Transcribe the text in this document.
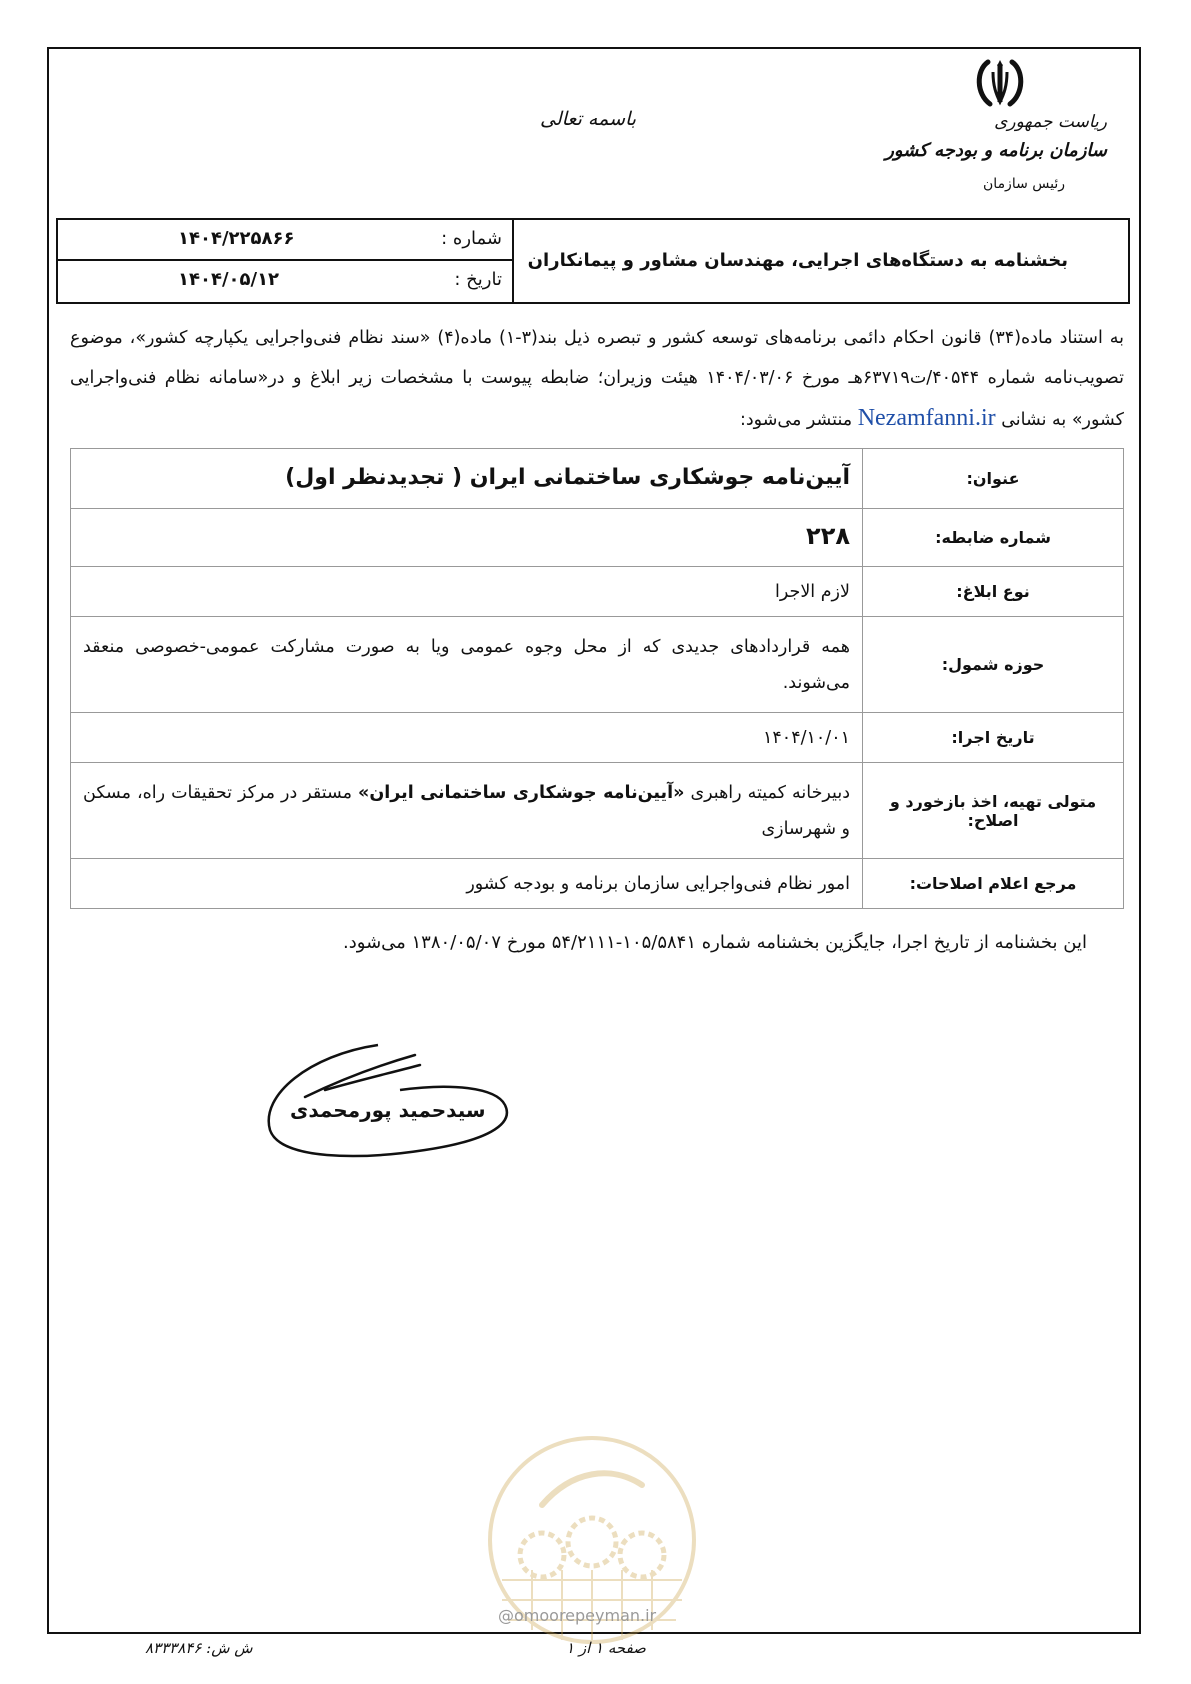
ریاست جمهوری
سازمان برنامه و بودجه کشور
رئیس سازمان
باسمه تعالی
شماره :
۱۴۰۴/۲۲۵۸۶۶
تاریخ :
۱۴۰۴/۰۵/۱۲
بخشنامه به دستگاه‌های اجرایی، مهندسان مشاور و پیمانکاران
به استناد ماده(۳۴) قانون احکام دائمی برنامه‌های توسعه کشور و تبصره ذیل بند(۳-۱) ماده(۴) «سند نظام فنی‌واجرایی یکپارچه کشور»، موضوع تصویب‌نامه شماره ۴۰۵۴۴/ت۶۳۷۱۹هـ مورخ ۱۴۰۴/۰۳/۰۶ هیئت وزیران؛ ضابطه پیوست با مشخصات زیر ابلاغ و در«سامانه نظام فنی‌واجرایی کشور» به نشانی Nezamfanni.ir منتشر می‌شود:
عنوان:	آیین‌نامه جوشکاری ساختمانی ایران ( تجدیدنظر اول)
شماره ضابطه:	۲۲۸
نوع ابلاغ:	لازم الاجرا
حوزه شمول:	همه قراردادهای جدیدی که از محل وجوه عمومی ویا به صورت مشارکت عمومی-خصوصی منعقد می‌شوند.
تاریخ اجرا:	۱۴۰۴/۱۰/۰۱
متولی تهیه، اخذ بازخورد و اصلاح:	دبیرخانه کمیته راهبری «آیین‌نامه جوشکاری ساختمانی ایران» مستقر در مرکز تحقیقات راه، مسکن و شهرسازی
مرجع اعلام اصلاحات:	امور نظام فنی‌واجرایی سازمان برنامه و بودجه کشور
این بخشنامه از تاریخ اجرا، جایگزین بخشنامه شماره ۱۰۵/۵۸۴۱-۵۴/۲۱۱۱ مورخ ۱۳۸۰/۰۵/۰۷ می‌شود.
سیدحمید پورمحمدی
@omoorepeyman.ir
ش ش: ۸۳۳۳۸۴۶	صفحه ۱ از ۱
